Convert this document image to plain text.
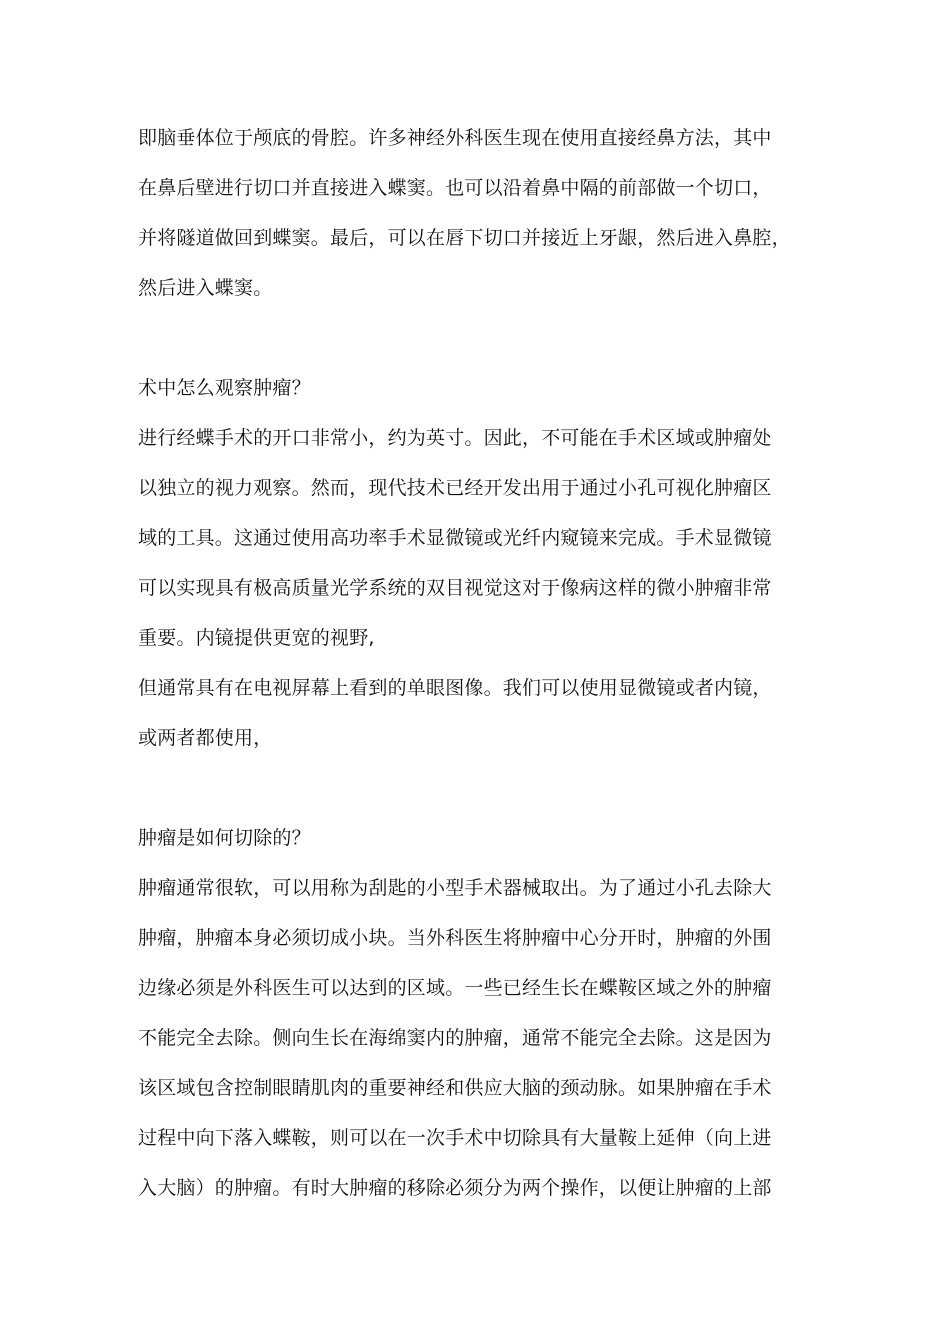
即脑垂体位于颅底的骨腔。许多神经外科医生现在使用直接经鼻方法，其中
在鼻后壁进行切口并直接进入蝶窦。也可以沿着鼻中隔的前部做一个切口，
并将隧道做回到蝶窦。最后，可以在唇下切口并接近上牙龈，然后进入鼻腔，
然后进入蝶窦。
术中怎么观察肿瘤？
进行经蝶手术的开口非常小，约为英寸。因此，不可能在手术区域或肿瘤处
以独立的视力观察。然而，现代技术已经开发出用于通过小孔可视化肿瘤区
域的工具。这通过使用高功率手术显微镜或光纤内窥镜来完成。手术显微镜
可以实现具有极高质量光学系统的双目视觉这对于像病这样的微小肿瘤非常
重要。内镜提供更宽的视野,
但通常具有在电视屏幕上看到的单眼图像。我们可以使用显微镜或者内镜，
或两者都使用，
肿瘤是如何切除的？
肿瘤通常很软，可以用称为刮匙的小型手术器械取出。为了通过小孔去除大
肿瘤，肿瘤本身必须切成小块。当外科医生将肿瘤中心分开时，肿瘤的外围
边缘必须是外科医生可以达到的区域。一些已经生长在蝶鞍区域之外的肿瘤
不能完全去除。侧向生长在海绵窦内的肿瘤，通常不能完全去除。这是因为
该区域包含控制眼睛肌肉的重要神经和供应大脑的颈动脉。如果肿瘤在手术
过程中向下落入蝶鞍，则可以在一次手术中切除具有大量鞍上延伸（向上进
入大脑）的肿瘤。有时大肿瘤的移除必须分为两个操作，以便让肿瘤的上部
